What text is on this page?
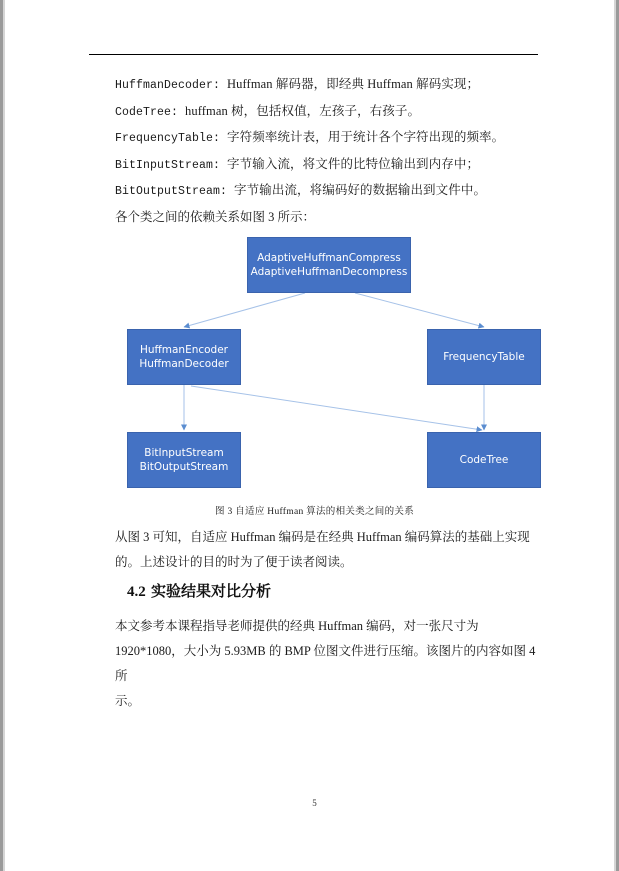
HuffmanDecoder: Huffman 解码器，即经典 Huffman 解码实现；

CodeTree: huffman 树，包括权值，左孩子，右孩子。

FrequencyTable: 字符频率统计表，用于统计各个字符出现的频率。

BitInputStream: 字节输入流，将文件的比特位输出到内存中；

BitOutputStream: 字节输出流，将编码好的数据输出到文件中。

各个类之间的依赖关系如图 3 所示：

AdaptiveHuffmanCompress

AdaptiveHuffmanDecompress
HuffmanEncoder

HuffmanDecoder
FrequencyTable
BitInputStream

BitOutputStream
CodeTree
图 3 自适应 Huffman 算法的相关类之间的关系

从图 3 可知，自适应 Huffman 编码是在经典 Huffman 编码算法的基础上实现

的。上述设计的目的时为了便于读者阅读。

4.2 实验结果对比分析

本文参考本课程指导老师提供的经典 Huffman 编码，对一张尺寸为

1920*1080，大小为 5.93MB 的 BMP 位图文件进行压缩。该图片的内容如图 4 所

示。

5
